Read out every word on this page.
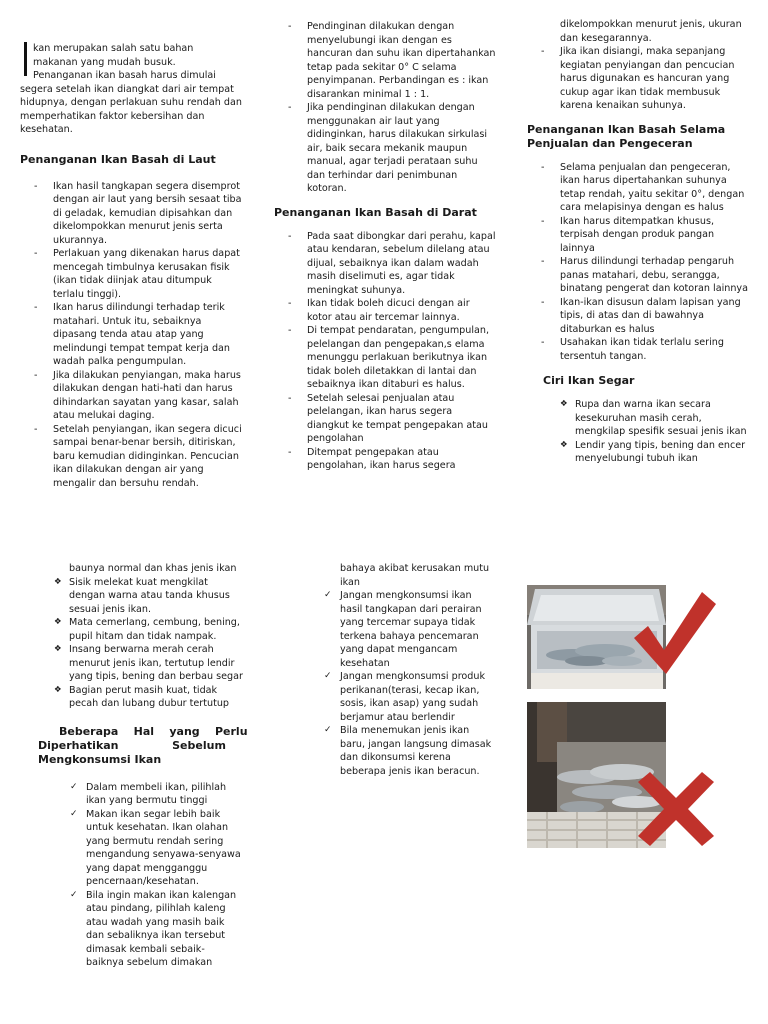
kan merupakan salah satu bahan

makanan yang mudah busuk.

Penanganan ikan basah harus dimulai

segera setelah ikan diangkat dari air tempat hidupnya, dengan perlakuan suhu rendah dan memperhatikan faktor kebersihan dan kesehatan.

Penanganan Ikan Basah di Laut
- Ikan hasil tangkapan segera disemprot dengan air laut yang bersih sesaat tiba di geladak, kemudian dipisahkan dan dikelompokkan menurut jenis serta ukurannya.
- Perlakuan yang dikenakan harus dapat mencegah timbulnya kerusakan fisik (ikan tidak diinjak atau ditumpuk terlalu tinggi).
- Ikan harus dilindungi terhadap terik matahari. Untuk itu, sebaiknya dipasang tenda atau atap yang melindungi tempat tempat kerja dan wadah palka pengumpulan.
- Jika dilakukan penyiangan, maka harus dilakukan dengan hati-hati dan harus dihindarkan sayatan yang kasar, salah atau melukai daging.
- Setelah penyiangan, ikan segera dicuci sampai benar-benar bersih, ditiriskan, baru kemudian didinginkan. Pencucian ikan dilakukan dengan air yang mengalir dan bersuhu rendah.
- Pendinginan dilakukan dengan menyelubungi ikan dengan es hancuran dan suhu ikan dipertahankan tetap pada sekitar 0° C selama penyimpanan. Perbandingan es : ikan disarankan minimal 1 : 1.
- Jika pendinginan dilakukan dengan menggunakan air laut yang didinginkan, harus dilakukan sirkulasi air, baik secara mekanik maupun manual, agar terjadi perataan suhu dan terhindar dari penimbunan kotoran.
Penanganan Ikan Basah di Darat
- Pada saat dibongkar dari perahu, kapal atau kendaran, sebelum dilelang atau dijual, sebaiknya ikan dalam wadah masih diselimuti es, agar tidak meningkat suhunya.
- Ikan tidak boleh dicuci dengan air kotor atau air tercemar lainnya.
- Di tempat pendaratan, pengumpulan, pelelangan dan pengepakan,s elama menunggu perlakuan berikutnya ikan tidak boleh diletakkan di lantai dan sebaiknya ikan ditaburi es halus.
- Setelah selesai penjualan atau pelelangan, ikan harus segera diangkut ke tempat pengepakan atau pengolahan
- Ditempat pengepakan atau pengolahan, ikan harus segera

dikelompokkan menurut jenis, ukuran dan kesegarannya.

- Jika ikan disiangi, maka sepanjang kegiatan penyiangan dan pencucian harus digunakan es hancuran yang cukup agar ikan tidak membusuk karena kenaikan suhunya.
Penanganan Ikan Basah Selama Penjualan dan Pengeceran
- Selama penjualan dan pengeceran, ikan harus dipertahankan suhunya tetap rendah, yaitu sekitar 0°, dengan cara melapisinya dengan es halus
- Ikan harus ditempatkan khusus, terpisah dengan produk pangan lainnya
- Harus dilindungi terhadap pengaruh panas matahari, debu, serangga, binatang pengerat dan kotoran lainnya
- Ikan-ikan disusun dalam lapisan yang tipis, di atas dan di bawahnya ditaburkan es halus
- Usahakan ikan tidak terlalu sering tersentuh tangan.
Ciri Ikan Segar
❖ Rupa dan warna ikan secara kesekuruhan masih cerah, mengkilap spesifik sesuai jenis ikan
❖ Lendir yang tipis, bening dan encer menyelubungi tubuh ikan

baunya normal dan khas jenis ikan

❖ Sisik melekat kuat mengkilat dengan warna atau tanda khusus sesuai jenis ikan.
❖ Mata cemerlang, cembung, bening, pupil hitam dan tidak nampak.
❖ Insang berwarna merah cerah menurut jenis ikan, tertutup lendir yang tipis, bening dan berbau segar
❖ Bagian perut masih kuat, tidak pecah dan lubang dubur tertutup
Beberapa    Hal    yang    Perlu
Diperhatikan              Sebelum
Mengkonsumsi Ikan
✓ Dalam membeli ikan, pilihlah ikan yang bermutu tinggi
✓ Makan ikan segar lebih baik untuk kesehatan. Ikan olahan yang bermutu rendah sering mengandung senyawa-senyawa yang dapat mengganggu pencernaan/kesehatan.
✓ Bila ingin makan ikan kalengan atau pindang, pilihlah kaleng atau wadah yang masih baik dan sebaliknya ikan tersebut dimasak kembali sebaik-baiknya sebelum dimakan

bahaya akibat kerusakan mutu ikan

✓ Jangan mengkonsumsi ikan hasil tangkapan dari perairan yang tercemar supaya tidak terkena bahaya pencemaran yang dapat mengancam kesehatan
✓ Jangan mengkonsumsi produk perikanan(terasi, kecap ikan, sosis, ikan asap) yang sudah berjamur atau berlendir
✓ Bila menemukan jenis ikan baru, jangan langsung dimasak dan dikonsumsi kerena beberapa jenis ikan beracun.
